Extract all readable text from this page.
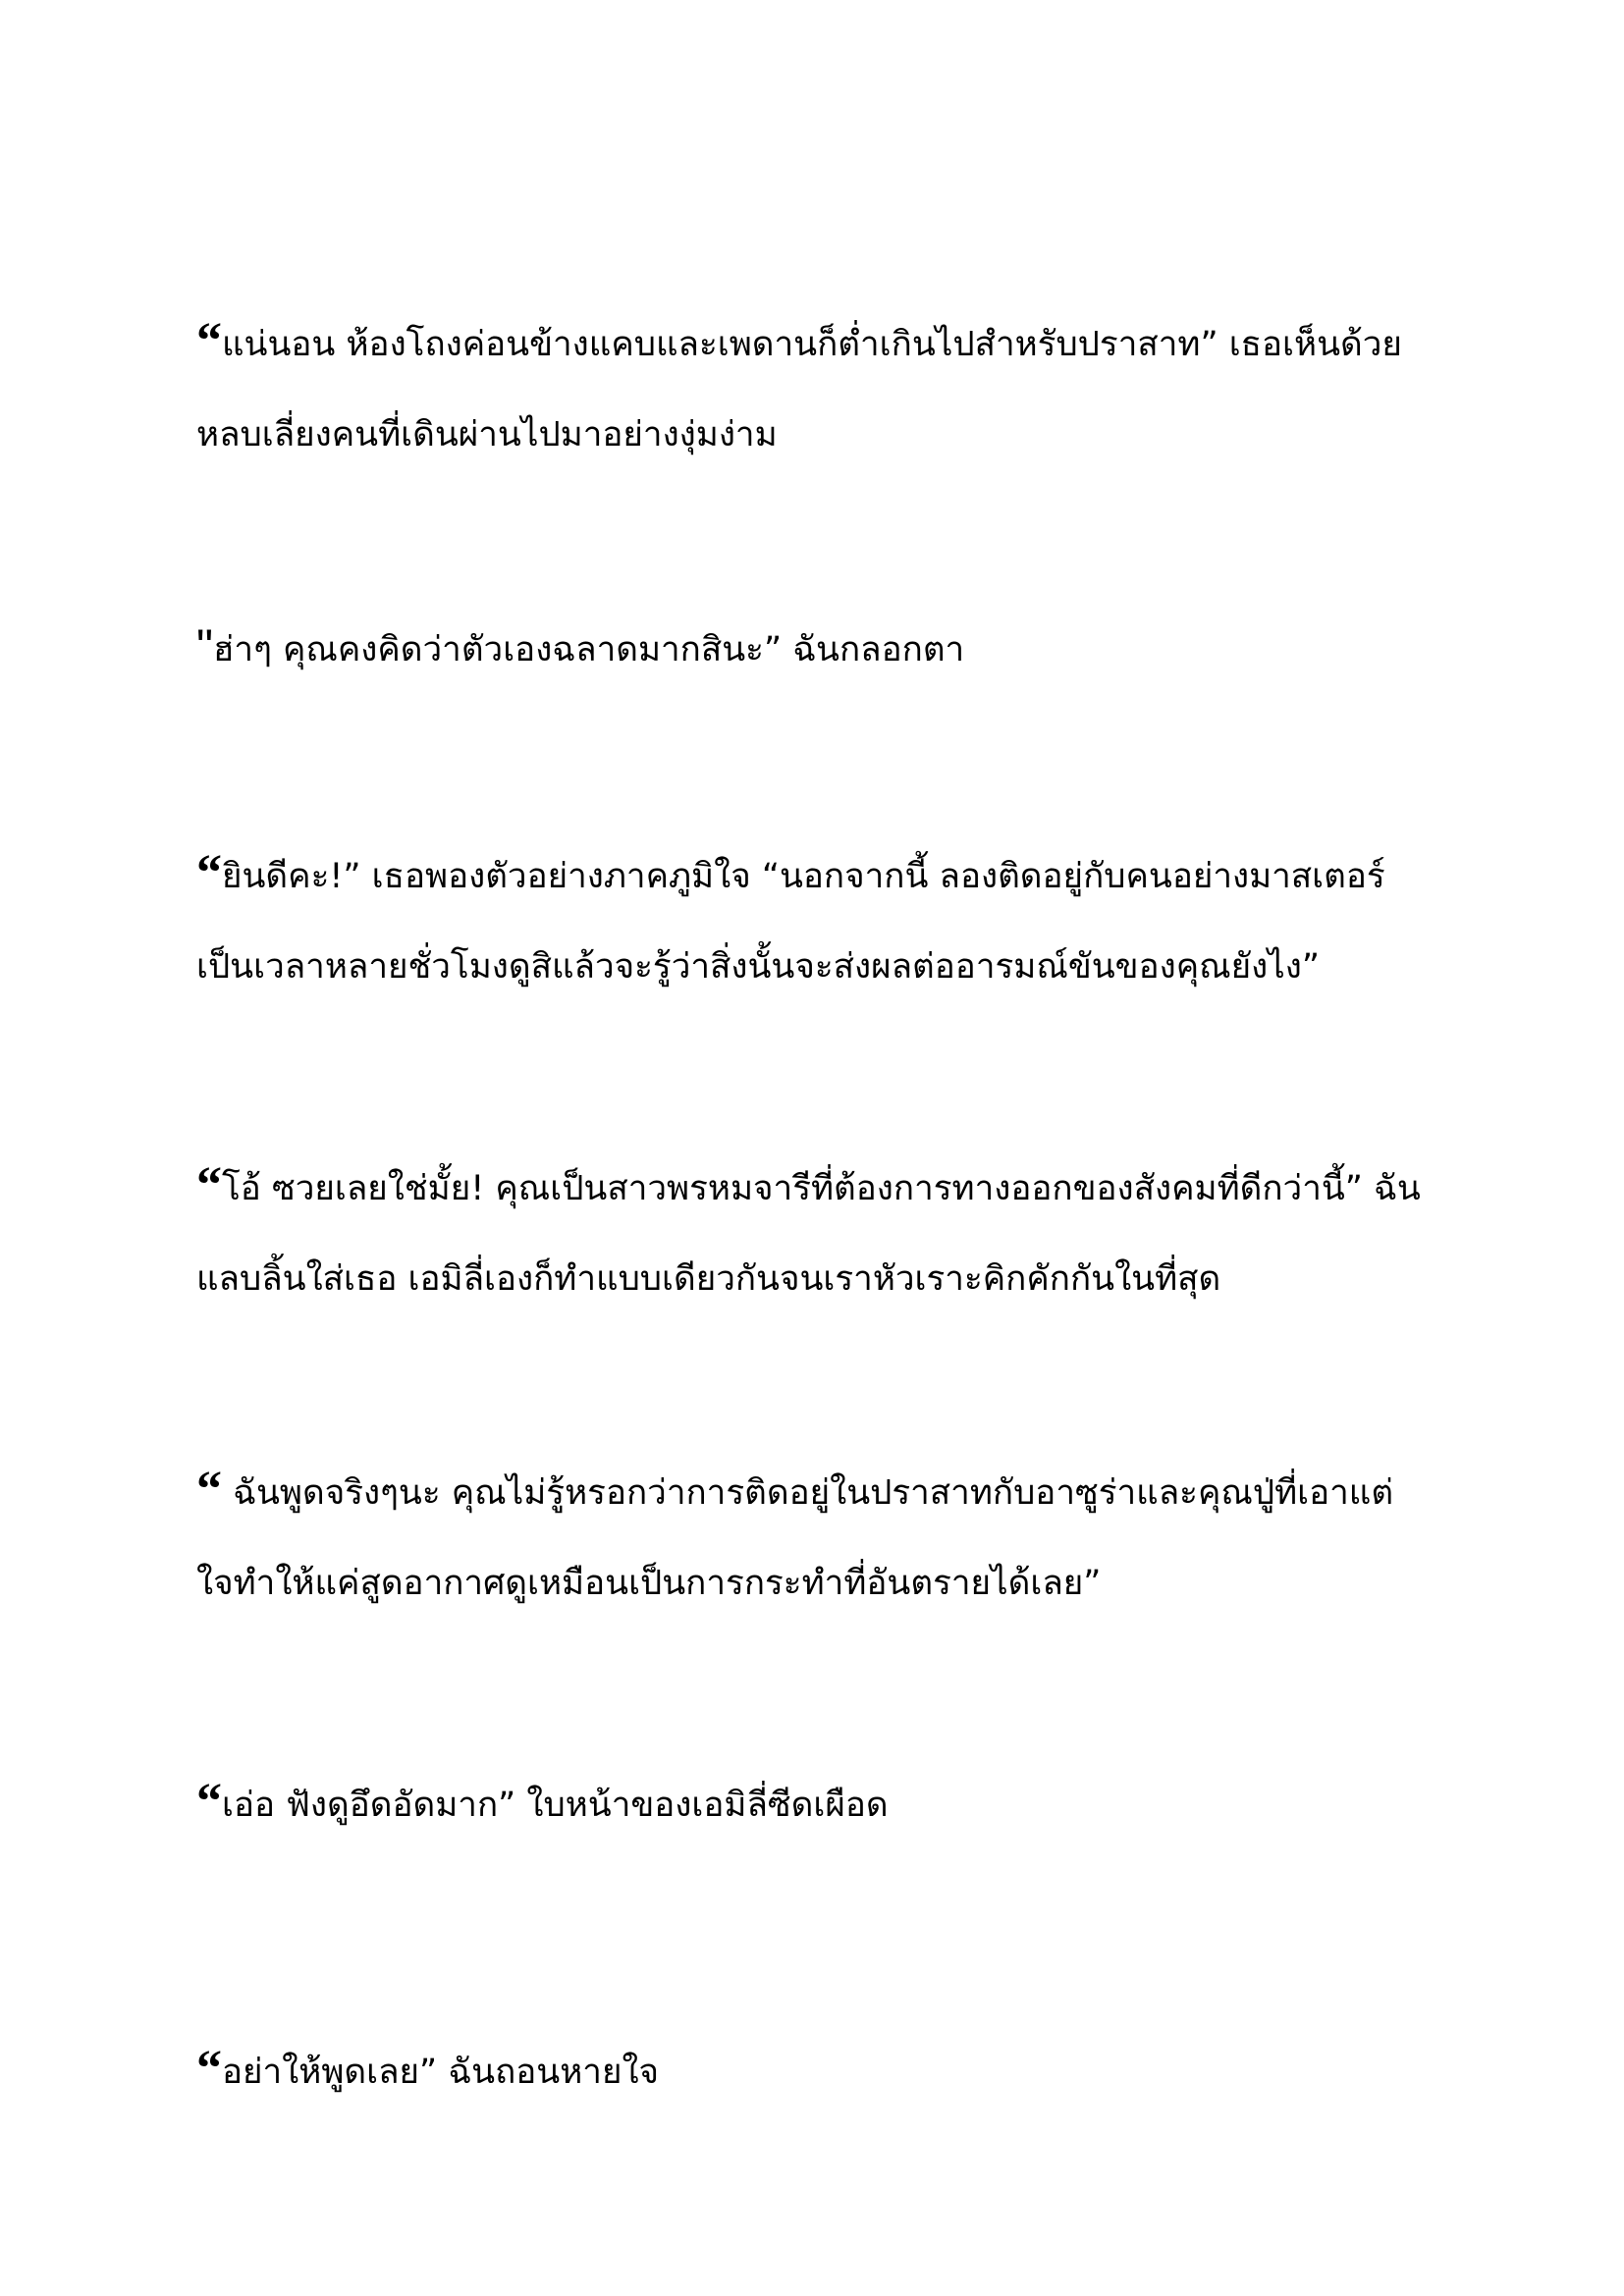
“แน่นอน ห้องโถงค่อนข้างแคบและเพดานก็ต่ำเกินไปสำหรับปราสาท” เธอเห็นด้วย
หลบเลี่ยงคนที่เดินผ่านไปมาอย่างงุ่มง่าม
"ฮ่าๆ คุณคงคิดว่าตัวเองฉลาดมากสินะ” ฉันกลอกตา
“ยินดีคะ!” เธอพองตัวอย่างภาคภูมิใจ “นอกจากนี้ ลองติดอยู่กับคนอย่างมาสเตอร์
เป็นเวลาหลายชั่วโมงดูสิแล้วจะรู้ว่าสิ่งนั้นจะส่งผลต่ออารมณ์ขันของคุณยังไง”
“โอ้ ซวยเลยใช่มั้ย! คุณเป็นสาวพรหมจารีที่ต้องการทางออกของสังคมที่ดีกว่านี้” ฉัน
แลบลิ้นใส่เธอ เอมิลี่เองก็ทำแบบเดียวกันจนเราหัวเราะคิกคักกันในที่สุด
“ ฉันพูดจริงๆนะ คุณไม่รู้หรอกว่าการติดอยู่ในปราสาทกับอาซูร่าและคุณปู่ที่เอาแต่
ใจทำให้แค่สูดอากาศดูเหมือนเป็นการกระทำที่อันตรายได้เลย”
“เอ่อ ฟังดูอึดอัดมาก” ใบหน้าของเอมิลี่ซีดเผือด
“อย่าให้พูดเลย” ฉันถอนหายใจ
